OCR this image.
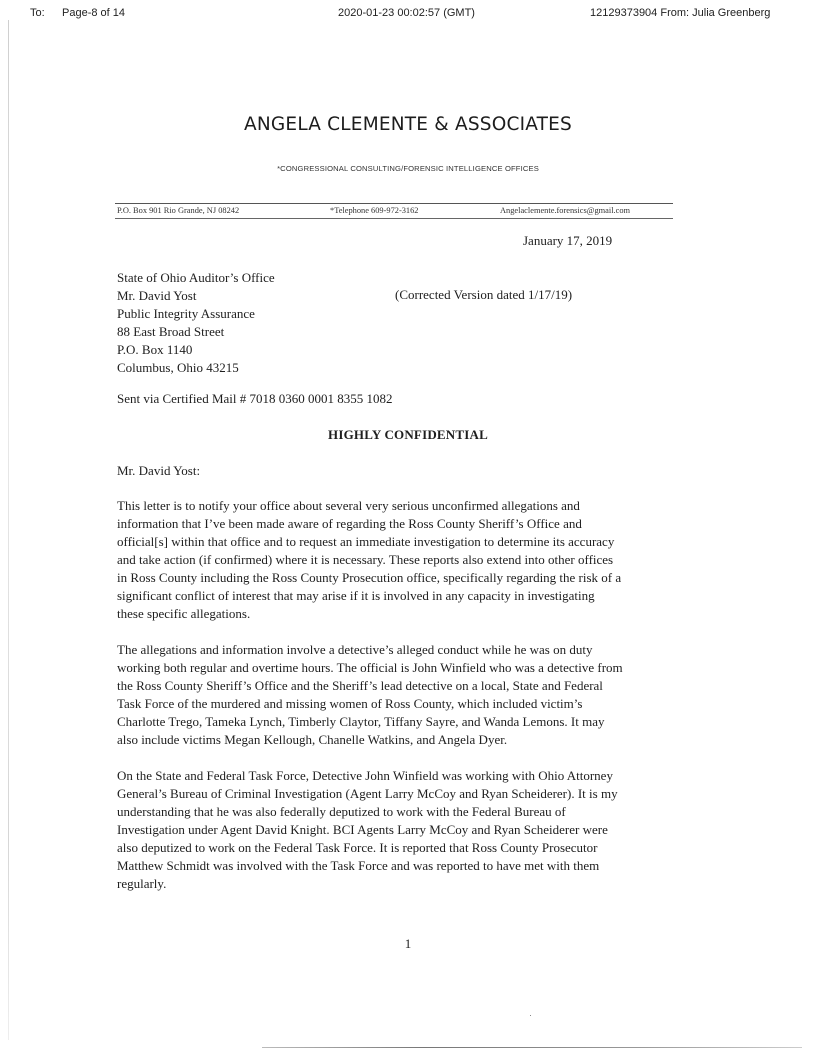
To: Page-8 of 14	2020-01-23 00:02:57 (GMT)	12129373904 From: Julia Greenberg
ANGELA CLEMENTE & ASSOCIATES
*CONGRESSIONAL CONSULTING/FORENSIC INTELLIGENCE OFFICES
P.O. Box 901 Rio Grande, NJ 08242	*Telephone 609-972-3162	Angelaclemente.forensics@gmail.com
January 17, 2019
State of Ohio Auditor’s Office
Mr. David Yost
Public Integrity Assurance
88 East Broad Street
P.O. Box 1140
Columbus, Ohio 43215
(Corrected Version dated 1/17/19)
Sent via Certified Mail # 7018 0360 0001 8355 1082
HIGHLY CONFIDENTIAL
Mr. David Yost:
This letter is to notify your office about several very serious unconfirmed allegations and
information that I’ve been made aware of regarding the Ross County Sheriff’s Office and
official[s] within that office and to request an immediate investigation to determine its accuracy
and take action (if confirmed) where it is necessary. These reports also extend into other offices
in Ross County including the Ross County Prosecution office, specifically regarding the risk of a
significant conflict of interest that may arise if it is involved in any capacity in investigating
these specific allegations.
The allegations and information involve a detective’s alleged conduct while he was on duty
working both regular and overtime hours. The official is John Winfield who was a detective from
the Ross County Sheriff’s Office and the Sheriff’s lead detective on a local, State and Federal
Task Force of the murdered and missing women of Ross County, which included victim’s
Charlotte Trego, Tameka Lynch, Timberly Claytor, Tiffany Sayre, and Wanda Lemons. It may
also include victims Megan Kellough, Chanelle Watkins, and Angela Dyer.
On the State and Federal Task Force, Detective John Winfield was working with Ohio Attorney
General’s Bureau of Criminal Investigation (Agent Larry McCoy and Ryan Scheiderer). It is my
understanding that he was also federally deputized to work with the Federal Bureau of
Investigation under Agent David Knight. BCI Agents Larry McCoy and Ryan Scheiderer were
also deputized to work on the Federal Task Force. It is reported that Ross County Prosecutor
Matthew Schmidt was involved with the Task Force and was reported to have met with them
regularly.
1
